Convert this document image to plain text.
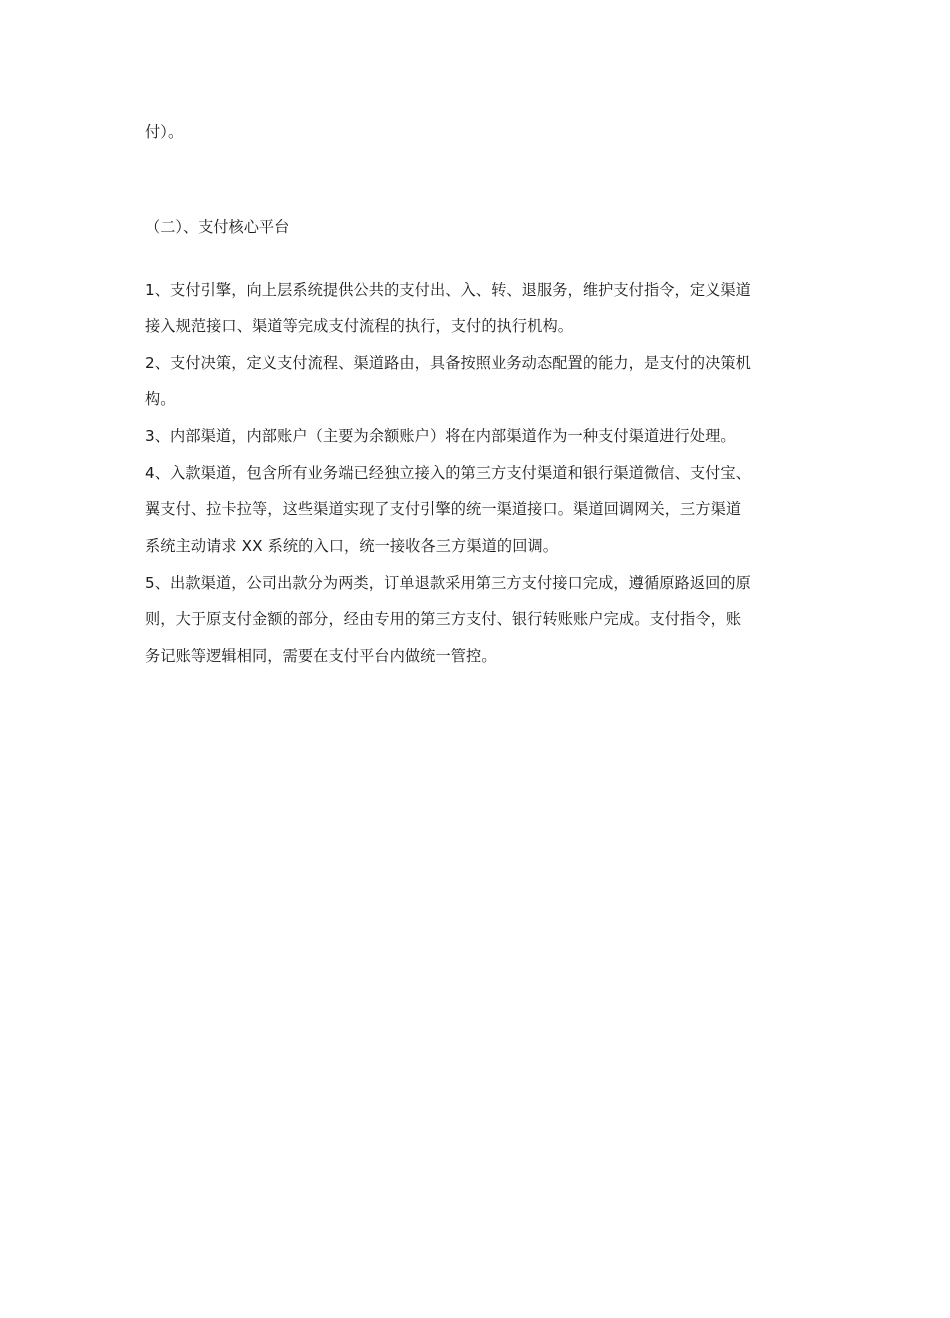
付）。
（二）、支付核心平台
1、支付引擎，向上层系统提供公共的支付出、入、转、退服务，维护支付指令，定义渠道
接入规范接口、渠道等完成支付流程的执行，支付的执行机构。
2、支付决策，定义支付流程、渠道路由，具备按照业务动态配置的能力，是支付的决策机
构。
3、内部渠道，内部账户（主要为余额账户）将在内部渠道作为一种支付渠道进行处理。
4、入款渠道，包含所有业务端已经独立接入的第三方支付渠道和银行渠道微信、支付宝、
翼支付、拉卡拉等，这些渠道实现了支付引擎的统一渠道接口。渠道回调网关，三方渠道
系统主动请求 XX 系统的入口，统一接收各三方渠道的回调。
5、出款渠道，公司出款分为两类，订单退款采用第三方支付接口完成，遵循原路返回的原
则，大于原支付金额的部分，经由专用的第三方支付、银行转账账户完成。支付指令，账
务记账等逻辑相同，需要在支付平台内做统一管控。
